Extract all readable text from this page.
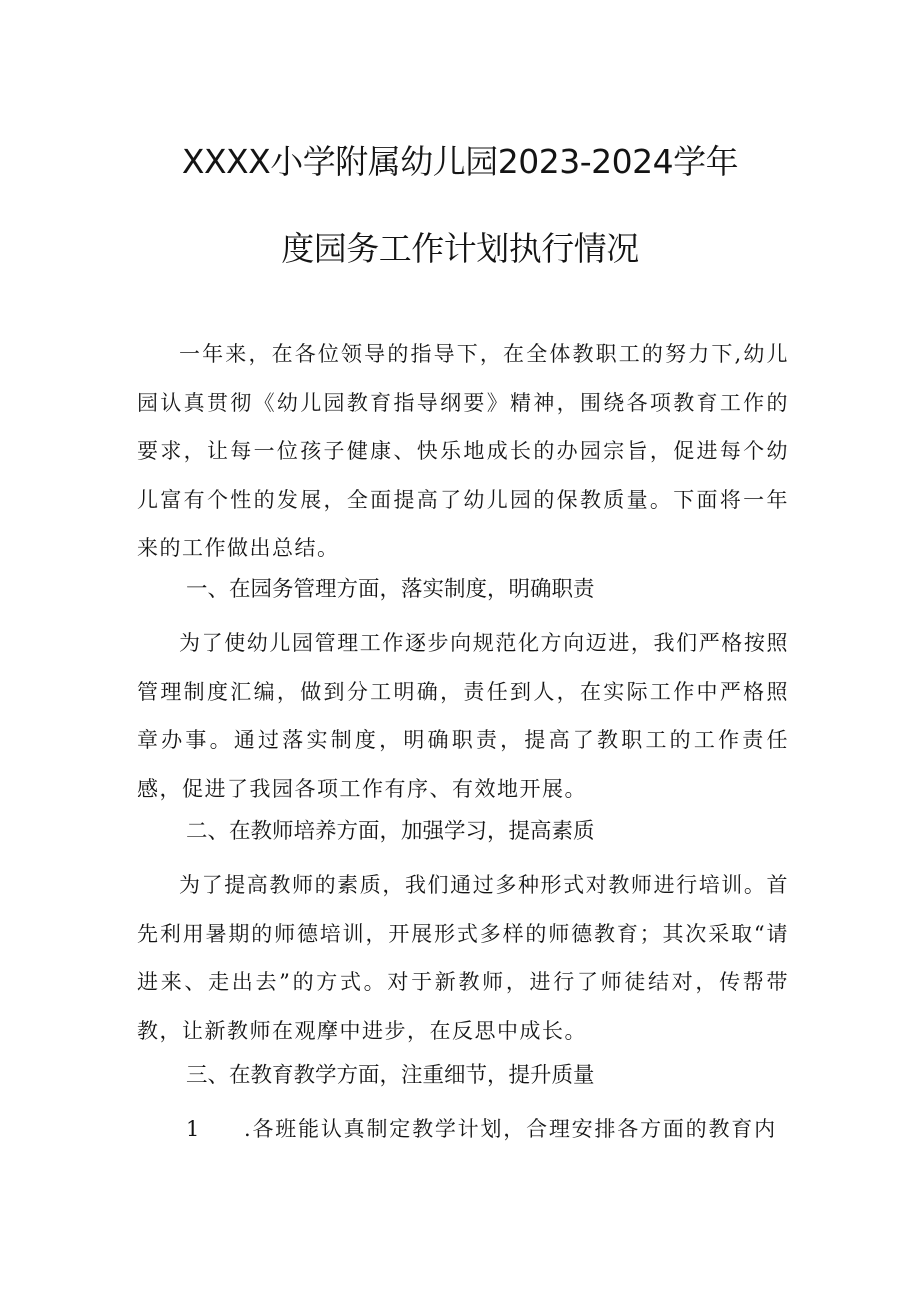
XXXX小学附属幼儿园2023-2024学年
度园务工作计划执行情况

一年来，在各位领导的指导下，在全体教职工的努力下,幼儿园认真贯彻《幼儿园教育指导纲要》精神，围绕各项教育工作的要求，让每一位孩子健康、快乐地成长的办园宗旨，促进每个幼儿富有个性的发展，全面提高了幼儿园的保教质量。下面将一年来的工作做出总结。

一、在园务管理方面，落实制度，明确职责

为了使幼儿园管理工作逐步向规范化方向迈进，我们严格按照管理制度汇编，做到分工明确，责任到人，在实际工作中严格照章办事。通过落实制度，明确职责，提高了教职工的工作责任感，促进了我园各项工作有序、有效地开展。

二、在教师培养方面，加强学习，提高素质

为了提高教师的素质，我们通过多种形式对教师进行培训。首先利用暑期的师德培训，开展形式多样的师德教育；其次采取“请进来、走出去”的方式。对于新教师，进行了师徒结对，传帮带教，让新教师在观摩中进步，在反思中成长。

三、在教育教学方面，注重细节，提升质量

1	.各班能认真制定教学计划，合理安排各方面的教育内
